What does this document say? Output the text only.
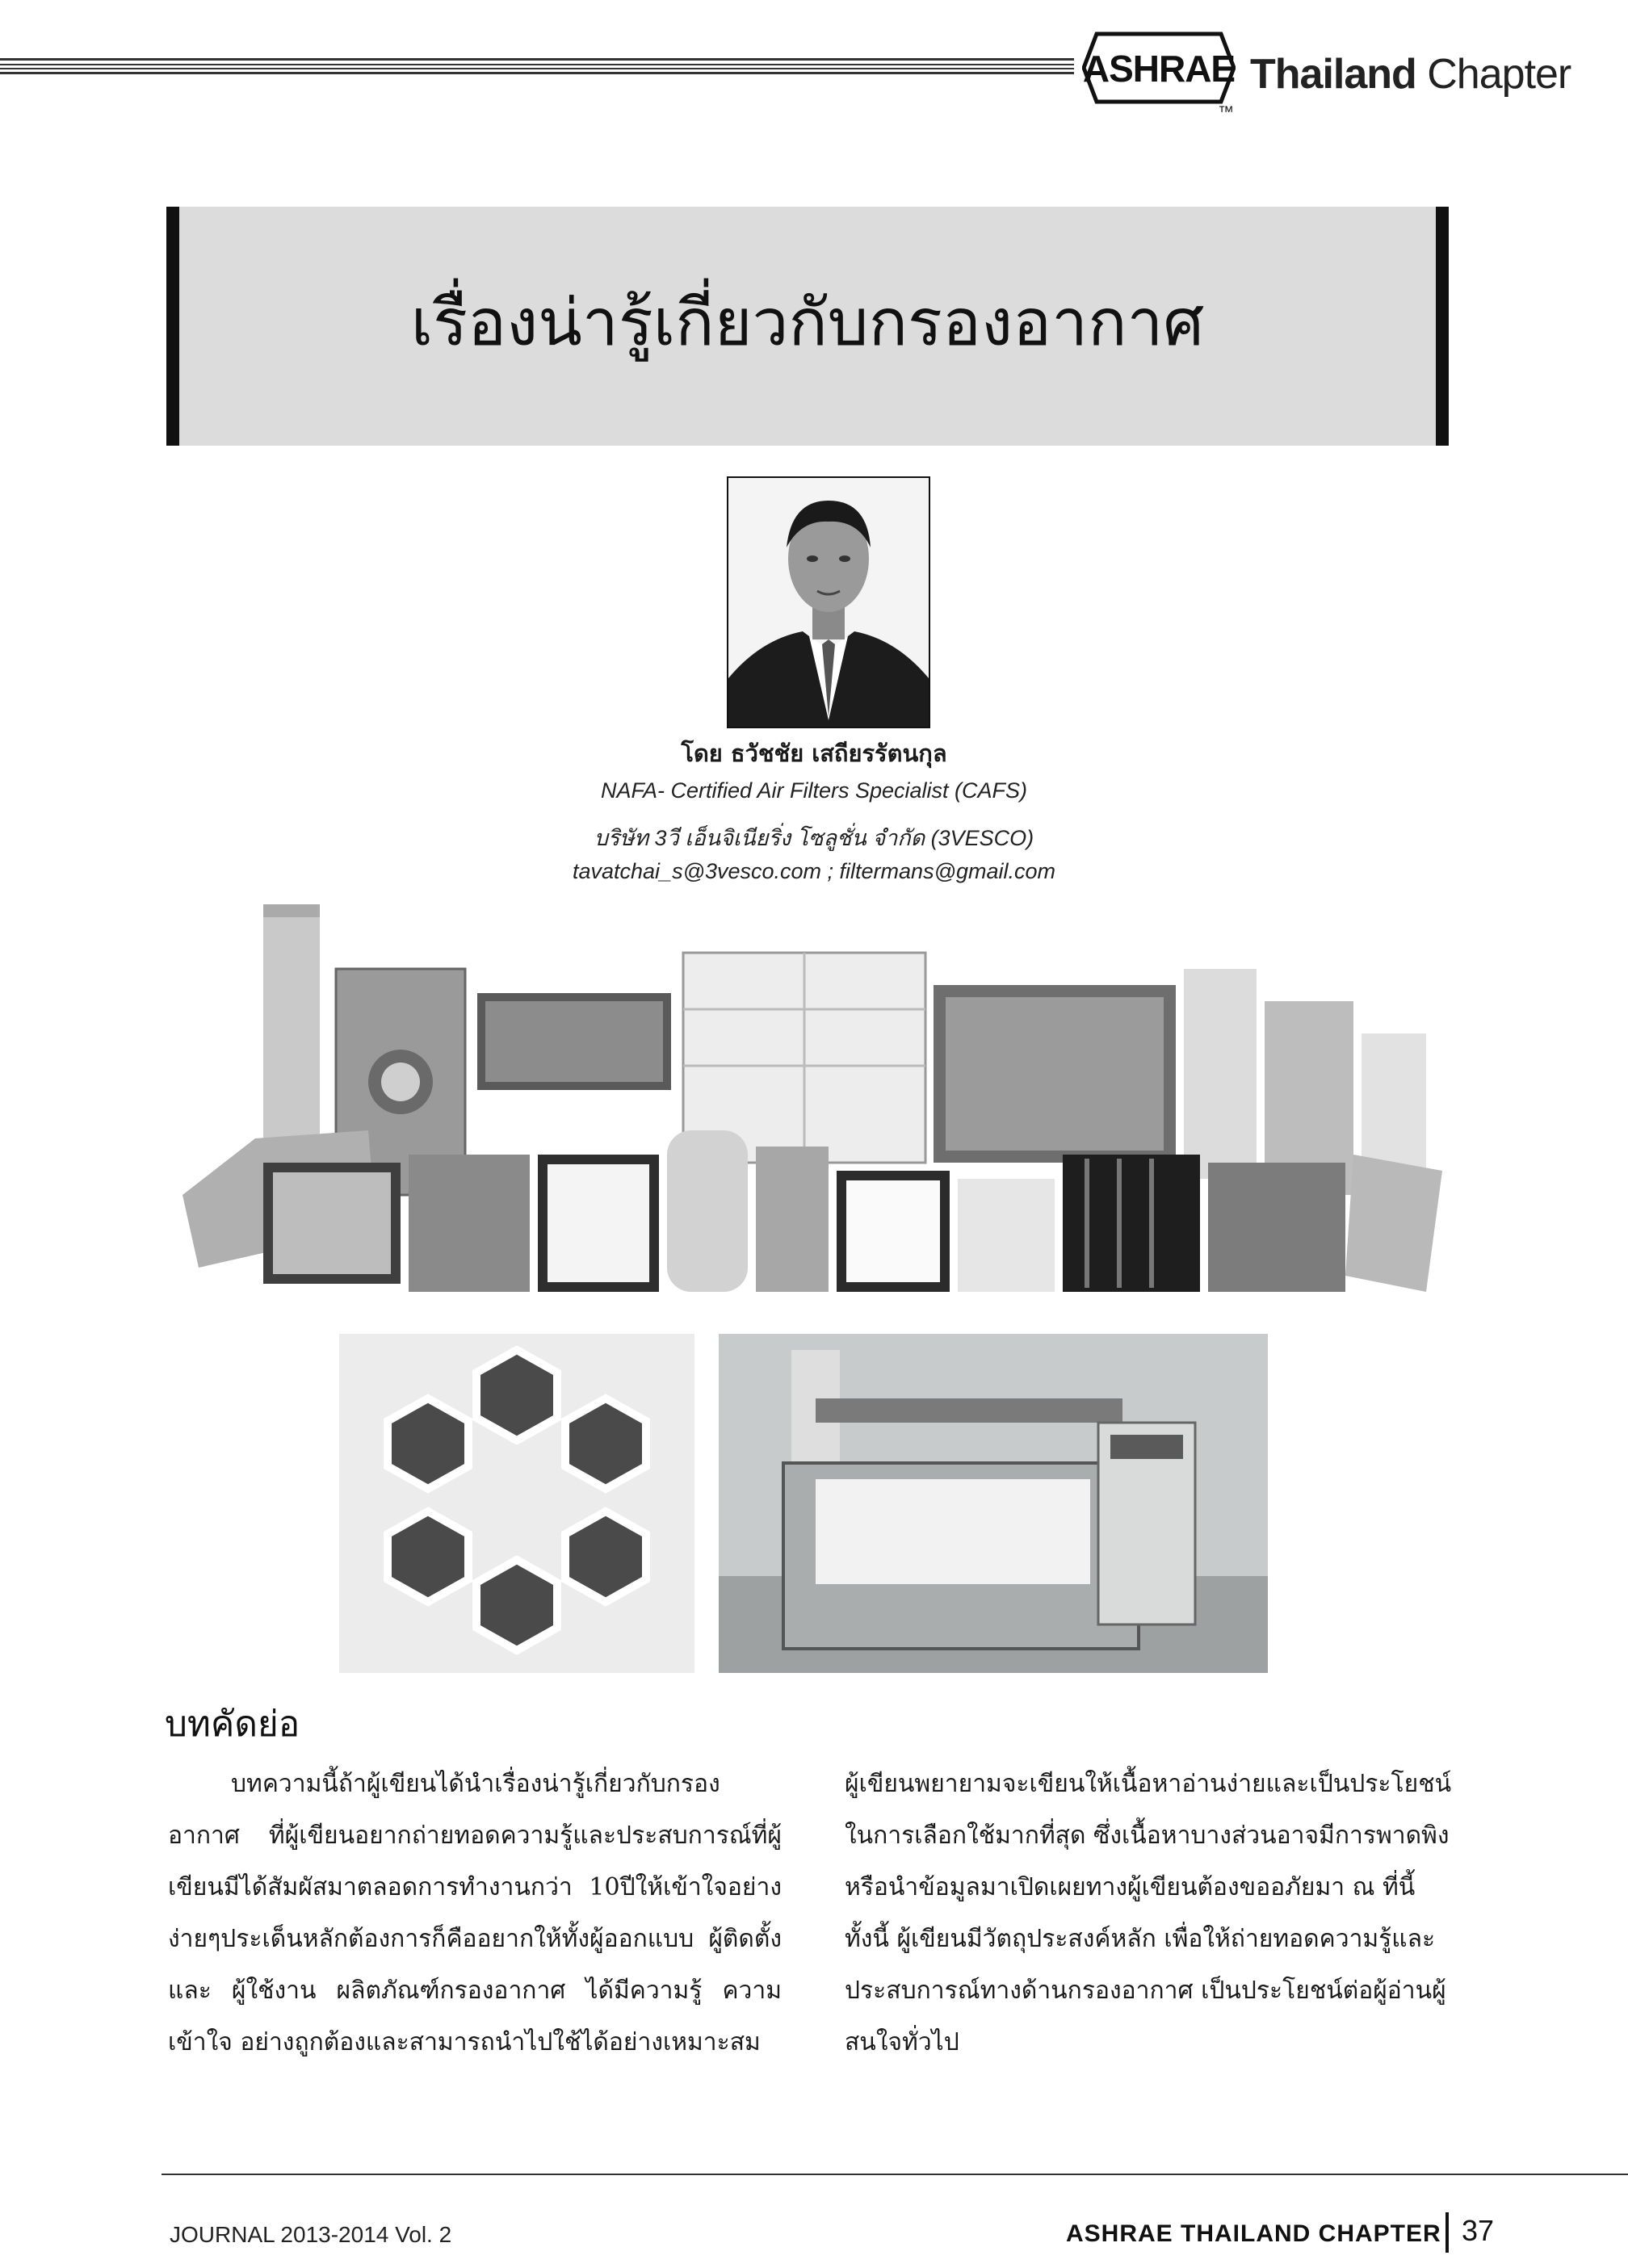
ASHRAE
™
Thailand Chapter
เรื่องน่ารู้เกี่ยวกับกรองอากาศ
โดย ธวัชชัย เสถียรรัตนกุล
NAFA- Certified Air Filters Specialist (CAFS)
บริษัท 3วี เอ็นจิเนียริ่ง โซลูชั่น จำกัด (3VESCO)
tavatchai_s@3vesco.com ; filtermans@gmail.com
บทคัดย่อ

บทความนี้ถ้าผู้เขียนได้นำเรื่องน่ารู้เกี่ยวกับกรองอากาศ ที่ผู้เขียนอยากถ่ายทอดความรู้และประสบการณ์ที่ผู้เขียนมีได้สัมผัสมาตลอดการทำงานกว่า 10ปีให้เข้าใจอย่างง่ายๆประเด็นหลักต้องการก็คืออยากให้ทั้งผู้ออกแบบ ผู้ติดตั้ง และ ผู้ใช้งาน ผลิตภัณฑ์กรองอากาศ ได้มีความรู้ ความเข้าใจ อย่างถูกต้องและสามารถนำไปใช้ได้อย่างเหมาะสม

ผู้เขียนพยายามจะเขียนให้เนื้อหาอ่านง่ายและเป็นประโยชน์ในการเลือกใช้มากที่สุด ซึ่งเนื้อหาบางส่วนอาจมีการพาดพิงหรือนำข้อมูลมาเปิดเผยทางผู้เขียนต้องขออภัยมา ณ ที่นี้ทั้งนี้ ผู้เขียนมีวัตถุประสงค์หลัก เพื่อให้ถ่ายทอดความรู้และประสบการณ์ทางด้านกรองอากาศ เป็นประโยชน์ต่อผู้อ่านผู้สนใจทั่วไป

JOURNAL 2013-2014 Vol. 2	ASHRAE THAILAND CHAPTER 37
